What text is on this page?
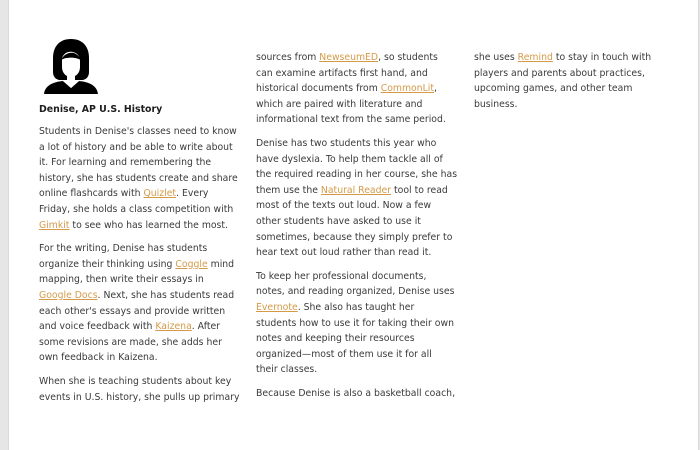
Denise, AP U.S. History

Students in Denise's classes need to know
a lot of history and be able to write about
it. For learning and remembering the
history, she has students create and share
online flashcards with Quizlet. Every
Friday, she holds a class competition with
Gimkit to see who has learned the most.

For the writing, Denise has students
organize their thinking using Coggle mind
mapping, then write their essays in
Google Docs. Next, she has students read
each other's essays and provide written
and voice feedback with Kaizena. After
some revisions are made, she adds her
own feedback in Kaizena.

When she is teaching students about key
events in U.S. history, she pulls up primary

sources from NewseumED, so students
can examine artifacts first hand, and
historical documents from CommonLit,
which are paired with literature and
informational text from the same period.

Denise has two students this year who
have dyslexia. To help them tackle all of
the required reading in her course, she has
them use the Natural Reader tool to read
most of the texts out loud. Now a few
other students have asked to use it
sometimes, because they simply prefer to
hear text out loud rather than read it.

To keep her professional documents,
notes, and reading organized, Denise uses
Evernote. She also has taught her
students how to use it for taking their own
notes and keeping their resources
organized—most of them use it for all
their classes.

Because Denise is also a basketball coach,

she uses Remind to stay in touch with
players and parents about practices,
upcoming games, and other team
business.
